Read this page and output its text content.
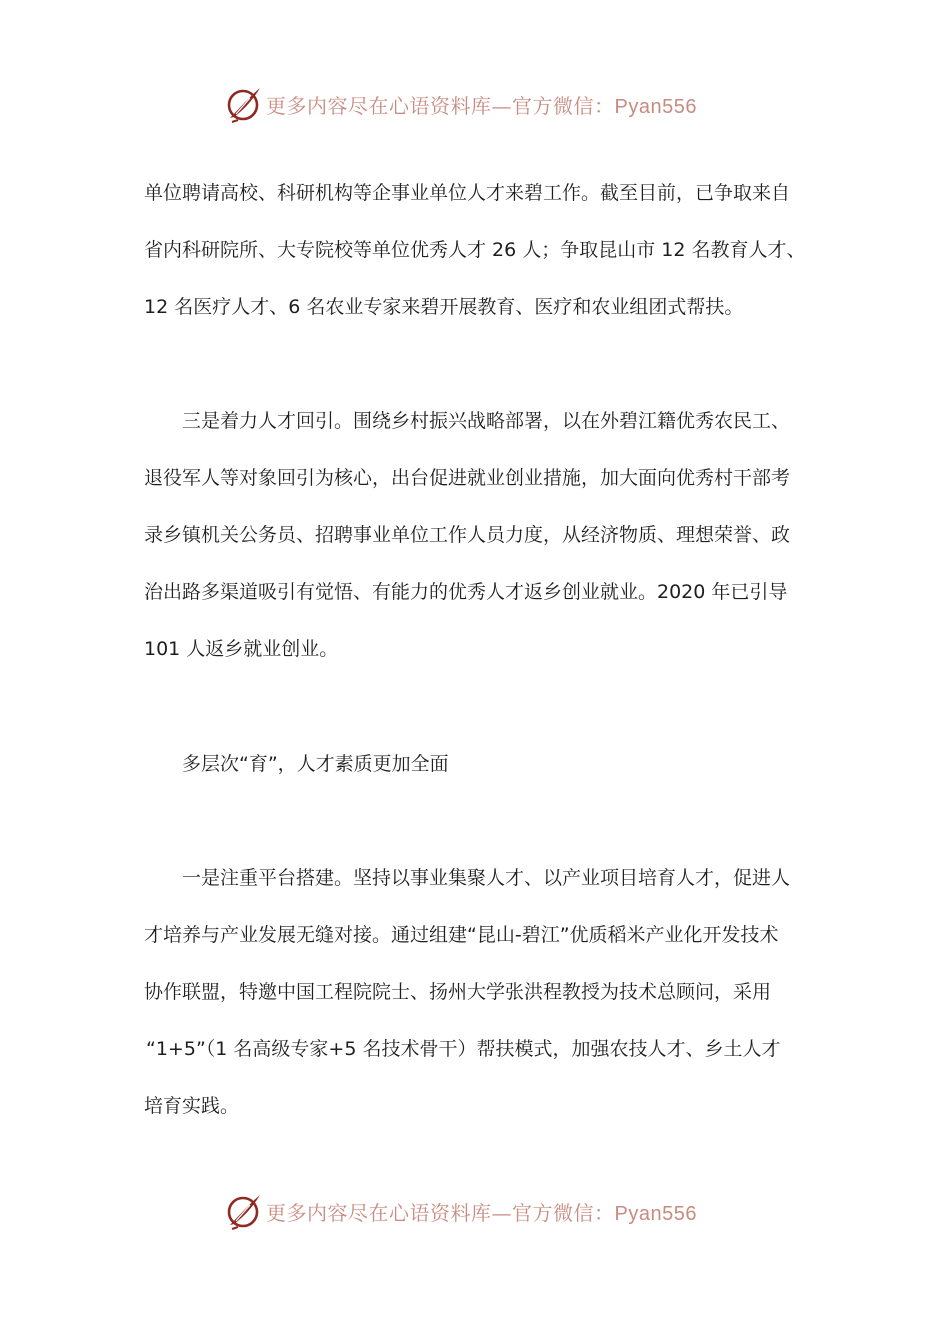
更多内容尽在心语资料库—官方微信：Pyan556
单位聘请高校、科研机构等企事业单位人才来碧工作。截至目前，已争取来自
省内科研院所、大专院校等单位优秀人才 26 人；争取昆山市 12 名教育人才、
12 名医疗人才、6 名农业专家来碧开展教育、医疗和农业组团式帮扶。
三是着力人才回引。围绕乡村振兴战略部署，以在外碧江籍优秀农民工、
退役军人等对象回引为核心，出台促进就业创业措施，加大面向优秀村干部考
录乡镇机关公务员、招聘事业单位工作人员力度，从经济物质、理想荣誉、政
治出路多渠道吸引有觉悟、有能力的优秀人才返乡创业就业。2020 年已引导
101 人返乡就业创业。
多层次“育”，人才素质更加全面
一是注重平台搭建。坚持以事业集聚人才、以产业项目培育人才，促进人
才培养与产业发展无缝对接。通过组建“昆山-碧江”优质稻米产业化开发技术
协作联盟，特邀中国工程院院士、扬州大学张洪程教授为技术总顾问，采用
“1+5”（1 名高级专家+5 名技术骨干）帮扶模式，加强农技人才、乡土人才
培育实践。
更多内容尽在心语资料库—官方微信：Pyan556
